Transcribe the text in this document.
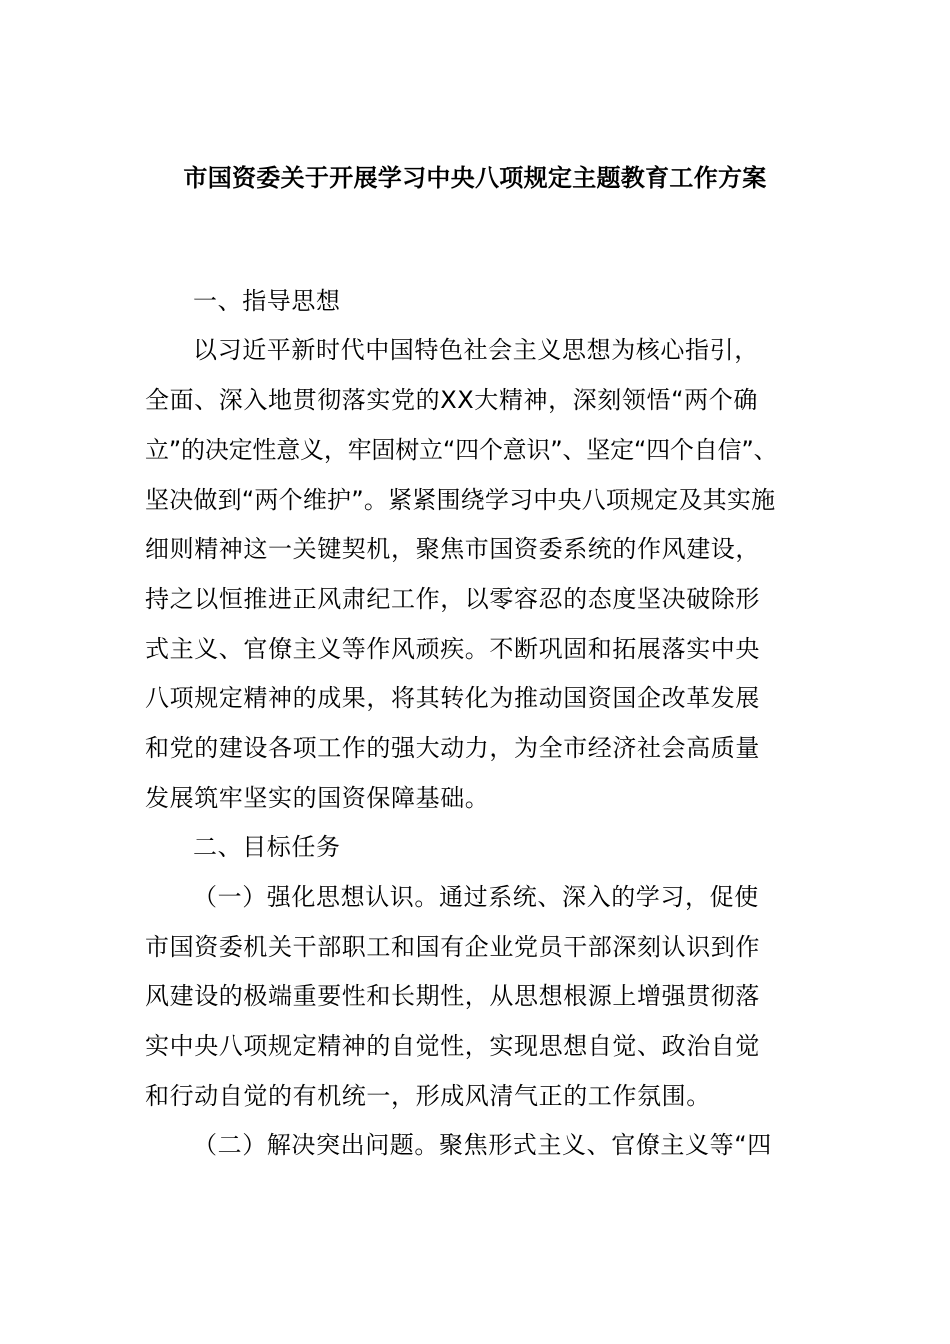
市国资委关于开展学习中央八项规定主题教育工作方案
一、指导思想
以习近平新时代中国特色社会主义思想为核心指引，
全面、深入地贯彻落实党的XX大精神，深刻领悟“两个确
立”的决定性意义，牢固树立“四个意识”、坚定“四个自信”、
坚决做到“两个维护”。紧紧围绕学习中央八项规定及其实施
细则精神这一关键契机，聚焦市国资委系统的作风建设，
持之以恒推进正风肃纪工作，以零容忍的态度坚决破除形
式主义、官僚主义等作风顽疾。不断巩固和拓展落实中央
八项规定精神的成果，将其转化为推动国资国企改革发展
和党的建设各项工作的强大动力，为全市经济社会高质量
发展筑牢坚实的国资保障基础。
二、目标任务
（一）强化思想认识。通过系统、深入的学习，促使
市国资委机关干部职工和国有企业党员干部深刻认识到作
风建设的极端重要性和长期性，从思想根源上增强贯彻落
实中央八项规定精神的自觉性，实现思想自觉、政治自觉
和行动自觉的有机统一，形成风清气正的工作氛围。
（二）解决突出问题。聚焦形式主义、官僚主义等“四
